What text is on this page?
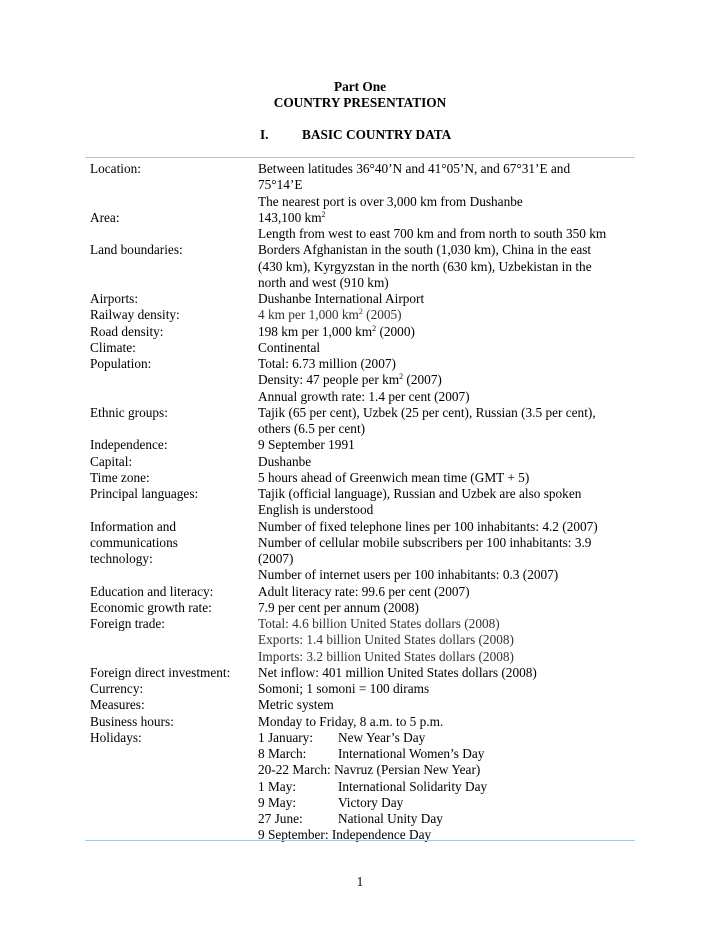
Part One
COUNTRY PRESENTATION
I.	BASIC COUNTRY DATA
Location:	Between latitudes 36°40’N and 41°05’N, and 67°31’E and
75°14’E
The nearest port is over 3,000 km from Dushanbe
Area:	143,100 $km^2$
Length from west to east 700 km and from north to south 350 km
Land boundaries:	Borders Afghanistan in the south (1,030 km), China in the east
(430 km), Kyrgyzstan in the north (630 km), Uzbekistan in the
north and west (910 km)
Airports:	Dushanbe International Airport
Railway density:	4 km per 1,000 $km^2$ (2005)
Road density:	198 km per 1,000 $km^2$ (2000)
Climate:	Continental
Population:	Total: 6.73 million (2007)
Density: 47 people per $km^2$ (2007)
Annual growth rate: 1.4 per cent (2007)
Ethnic groups:	Tajik (65 per cent), Uzbek (25 per cent), Russian (3.5 per cent),
others (6.5 per cent)
Independence:	9 September 1991
Capital:	Dushanbe
Time zone:	5 hours ahead of Greenwich mean time (GMT + 5)
Principal languages:	Tajik (official language), Russian and Uzbek are also spoken
English is understood
Information and
communications
technology:
Number of fixed telephone lines per 100 inhabitants: 4.2 (2007)
Number of cellular mobile subscribers per 100 inhabitants: 3.9
(2007)
Number of internet users per 100 inhabitants: 0.3 (2007)
Education and literacy:	Adult literacy rate: 99.6 per cent (2007)
Economic growth rate:	7.9 per cent per annum (2008)
Foreign trade:	Total: 4.6 billion United States dollars (2008)
Exports: 1.4 billion United States dollars (2008)
Imports: 3.2 billion United States dollars (2008)
Foreign direct investment:	Net inflow: 401 million United States dollars (2008)
Currency:	Somoni; 1 somoni = 100 dirams
Measures:	Metric system
Business hours:	Monday to Friday, 8 a.m. to 5 p.m.
Holidays:	1 January:	New Year’s Day
8 March:	International Women’s Day
20-22 March:
Navruz (Persian New Year)
1 May:	International Solidarity Day
9 May:	Victory Day
27 June:	National Unity Day
9 September:
Independence Day
1
